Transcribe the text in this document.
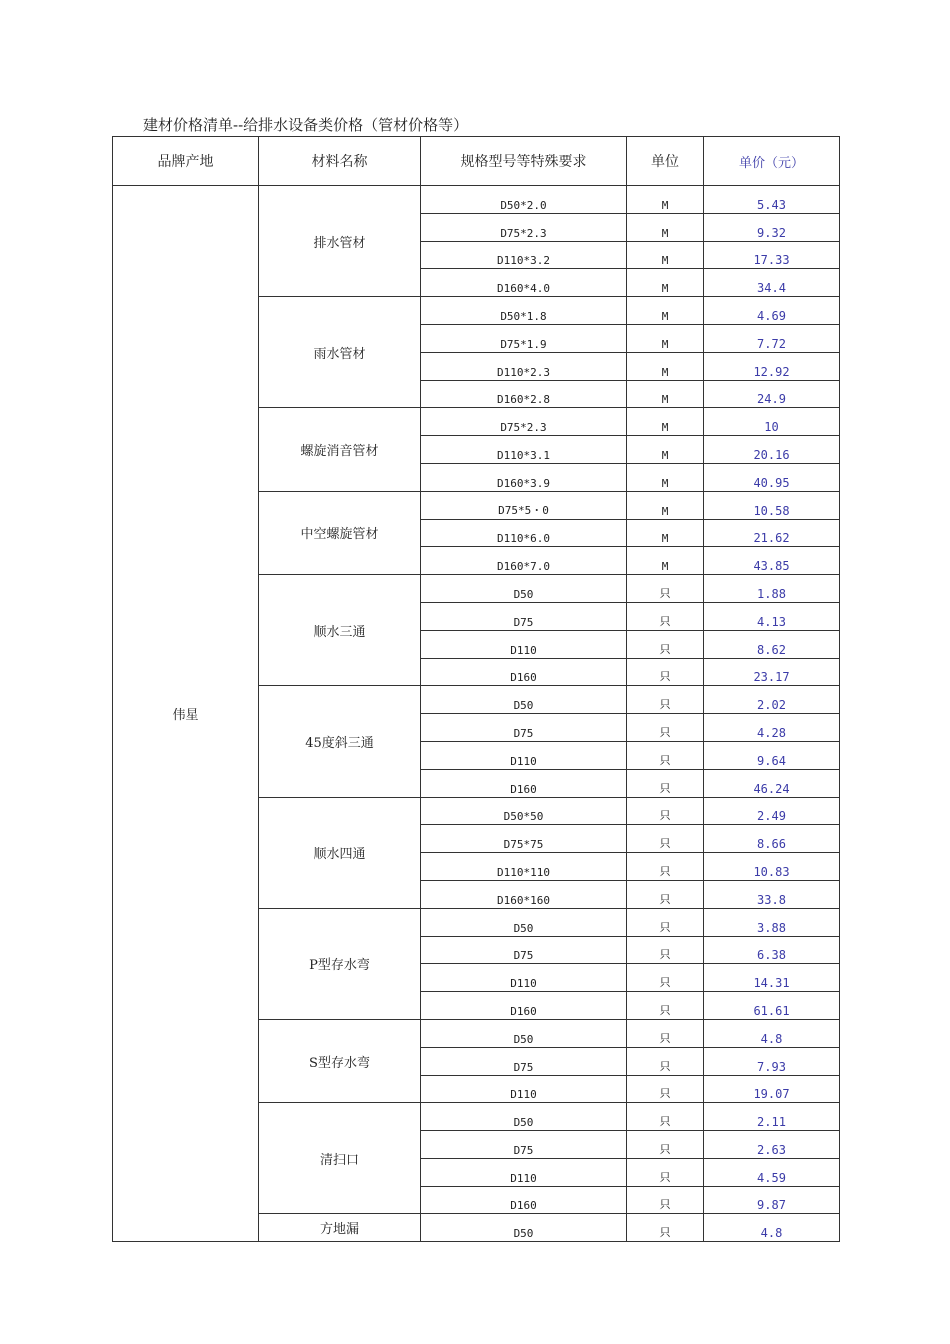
建材价格清单--给排水设备类价格（管材价格等）
品牌产地	材料名称	规格型号等特殊要求	单位	单价（元）
伟星	排水管材	D50*2.0	M	5.43
		D75*2.3	M	9.32
		D110*3.2	M	17.33
		D160*4.0	M	34.4
	雨水管材	D50*1.8	M	4.69
		D75*1.9	M	7.72
		D110*2.3	M	12.92
		D160*2.8	M	24.9
	螺旋消音管材	D75*2.3	M	10
		D110*3.1	M	20.16
		D160*3.9	M	40.95
	中空螺旋管材	D75*5・0	M	10.58
		D110*6.0	M	21.62
		D160*7.0	M	43.85
	顺水三通	D50	只	1.88
		D75	只	4.13
		D110	只	8.62
		D160	只	23.17
	45度斜三通	D50	只	2.02
		D75	只	4.28
		D110	只	9.64
		D160	只	46.24
	顺水四通	D50*50	只	2.49
		D75*75	只	8.66
		D110*110	只	10.83
		D160*160	只	33.8
	P型存水弯	D50	只	3.88
		D75	只	6.38
		D110	只	14.31
		D160	只	61.61
	S型存水弯	D50	只	4.8
		D75	只	7.93
		D110	只	19.07
	清扫口	D50	只	2.11
		D75	只	2.63
		D110	只	4.59
		D160	只	9.87
	方地漏	D50	只	4.8
